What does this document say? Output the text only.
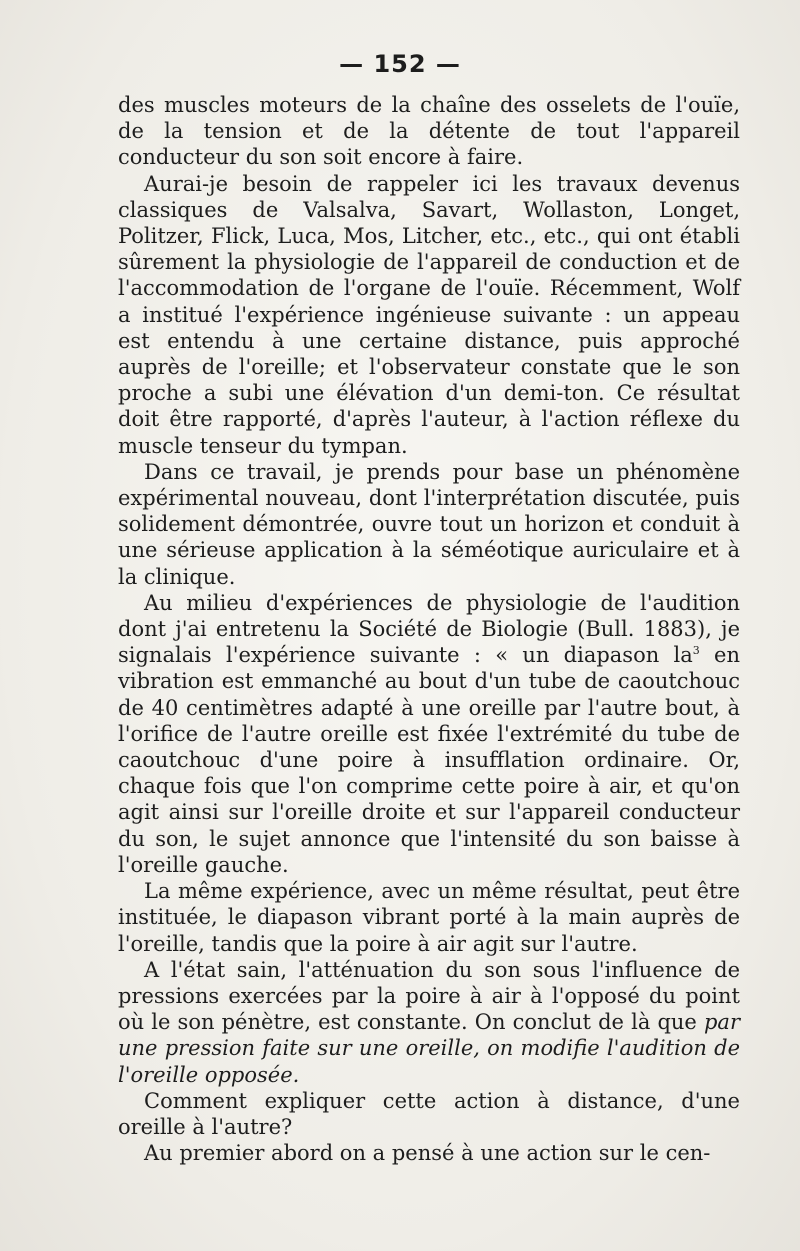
— 152 —

des muscles moteurs de la chaîne des osselets de l'ouïe, de la tension et de la détente de tout l'appareil conducteur du son soit encore à faire.

Aurai-je besoin de rappeler ici les travaux devenus classiques de Valsalva, Savart, Wollaston, Longet, Politzer, Flick, Luca, Mos, Litcher, etc., etc., qui ont établi sûrement la physiologie de l'appareil de conduction et de l'accommodation de l'organe de l'ouïe. Récemment, Wolf a institué l'expérience ingénieuse suivante : un appeau est entendu à une certaine distance, puis approché auprès de l'oreille; et l'observateur constate que le son proche a subi une élévation d'un demi-ton. Ce résultat doit être rapporté, d'après l'auteur, à l'action réflexe du muscle tenseur du tympan.

Dans ce travail, je prends pour base un phénomène expérimental nouveau, dont l'interprétation discutée, puis solidement démontrée, ouvre tout un horizon et conduit à une sérieuse application à la séméotique auriculaire et à la clinique.

Au milieu d'expériences de physiologie de l'audition dont j'ai entretenu la Société de Biologie (Bull. 1883), je signalais l'expérience suivante : « un diapason $la^3$ en vibration est emmanché au bout d'un tube de caoutchouc de 40 centimètres adapté à une oreille par l'autre bout, à l'orifice de l'autre oreille est fixée l'extrémité du tube de caoutchouc d'une poire à insufflation ordinaire. Or, chaque fois que l'on comprime cette poire à air, et qu'on agit ainsi sur l'oreille droite et sur l'appareil conducteur du son, le sujet annonce que l'intensité du son baisse à l'oreille gauche.

La même expérience, avec un même résultat, peut être instituée, le diapason vibrant porté à la main auprès de l'oreille, tandis que la poire à air agit sur l'autre.

A l'état sain, l'atténuation du son sous l'influence de pressions exercées par la poire à air à l'opposé du point où le son pénètre, est constante. On conclut de là que par une pression faite sur une oreille, on modifie l'audition de l'oreille opposée.

Comment expliquer cette action à distance, d'une oreille à l'autre?

Au premier abord on a pensé à une action sur le cen-
